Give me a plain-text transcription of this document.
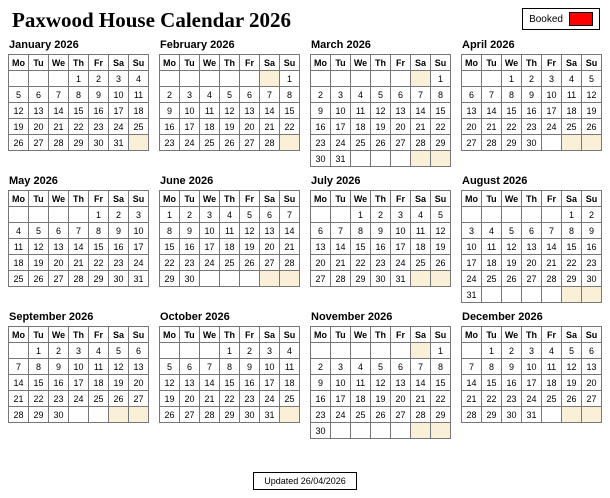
Paxwood House Calendar 2026	Booked
January 2026
Mo	Tu	We	Th	Fr	Sa	Su
			1	2	3	4
5	6	7	8	9	10	11
12	13	14	15	16	17	18
19	20	21	22	23	24	25
26	27	28	29	30	31	
February 2026
Mo	Tu	We	Th	Fr	Sa	Su
						1
2	3	4	5	6	7	8
9	10	11	12	13	14	15
16	17	18	19	20	21	22
23	24	25	26	27	28	
March 2026
Mo	Tu	We	Th	Fr	Sa	Su
						1
2	3	4	5	6	7	8
9	10	11	12	13	14	15
16	17	18	19	20	21	22
23	24	25	26	27	28	29
30	31					
April 2026
Mo	Tu	We	Th	Fr	Sa	Su
		1	2	3	4	5
6	7	8	9	10	11	12
13	14	15	16	17	18	19
20	21	22	23	24	25	26
27	28	29	30			
May 2026
Mo	Tu	We	Th	Fr	Sa	Su
				1	2	3
4	5	6	7	8	9	10
11	12	13	14	15	16	17
18	19	20	21	22	23	24
25	26	27	28	29	30	31
June 2026
Mo	Tu	We	Th	Fr	Sa	Su
1	2	3	4	5	6	7
8	9	10	11	12	13	14
15	16	17	18	19	20	21
22	23	24	25	26	27	28
29	30					
July 2026
Mo	Tu	We	Th	Fr	Sa	Su
		1	2	3	4	5
6	7	8	9	10	11	12
13	14	15	16	17	18	19
20	21	22	23	24	25	26
27	28	29	30	31		
August 2026
Mo	Tu	We	Th	Fr	Sa	Su
					1	2
3	4	5	6	7	8	9
10	11	12	13	14	15	16
17	18	19	20	21	22	23
24	25	26	27	28	29	30
31						
September 2026
Mo	Tu	We	Th	Fr	Sa	Su
	1	2	3	4	5	6
7	8	9	10	11	12	13
14	15	16	17	18	19	20
21	22	23	24	25	26	27
28	29	30				
October 2026
Mo	Tu	We	Th	Fr	Sa	Su
			1	2	3	4
5	6	7	8	9	10	11
12	13	14	15	16	17	18
19	20	21	22	23	24	25
26	27	28	29	30	31	
November 2026
Mo	Tu	We	Th	Fr	Sa	Su
						1
2	3	4	5	6	7	8
9	10	11	12	13	14	15
16	17	18	19	20	21	22
23	24	25	26	27	28	29
30						
December 2026
Mo	Tu	We	Th	Fr	Sa	Su
	1	2	3	4	5	6
7	8	9	10	11	12	13
14	15	16	17	18	19	20
21	22	23	24	25	26	27
28	29	30	31			
Updated 26/04/2026
